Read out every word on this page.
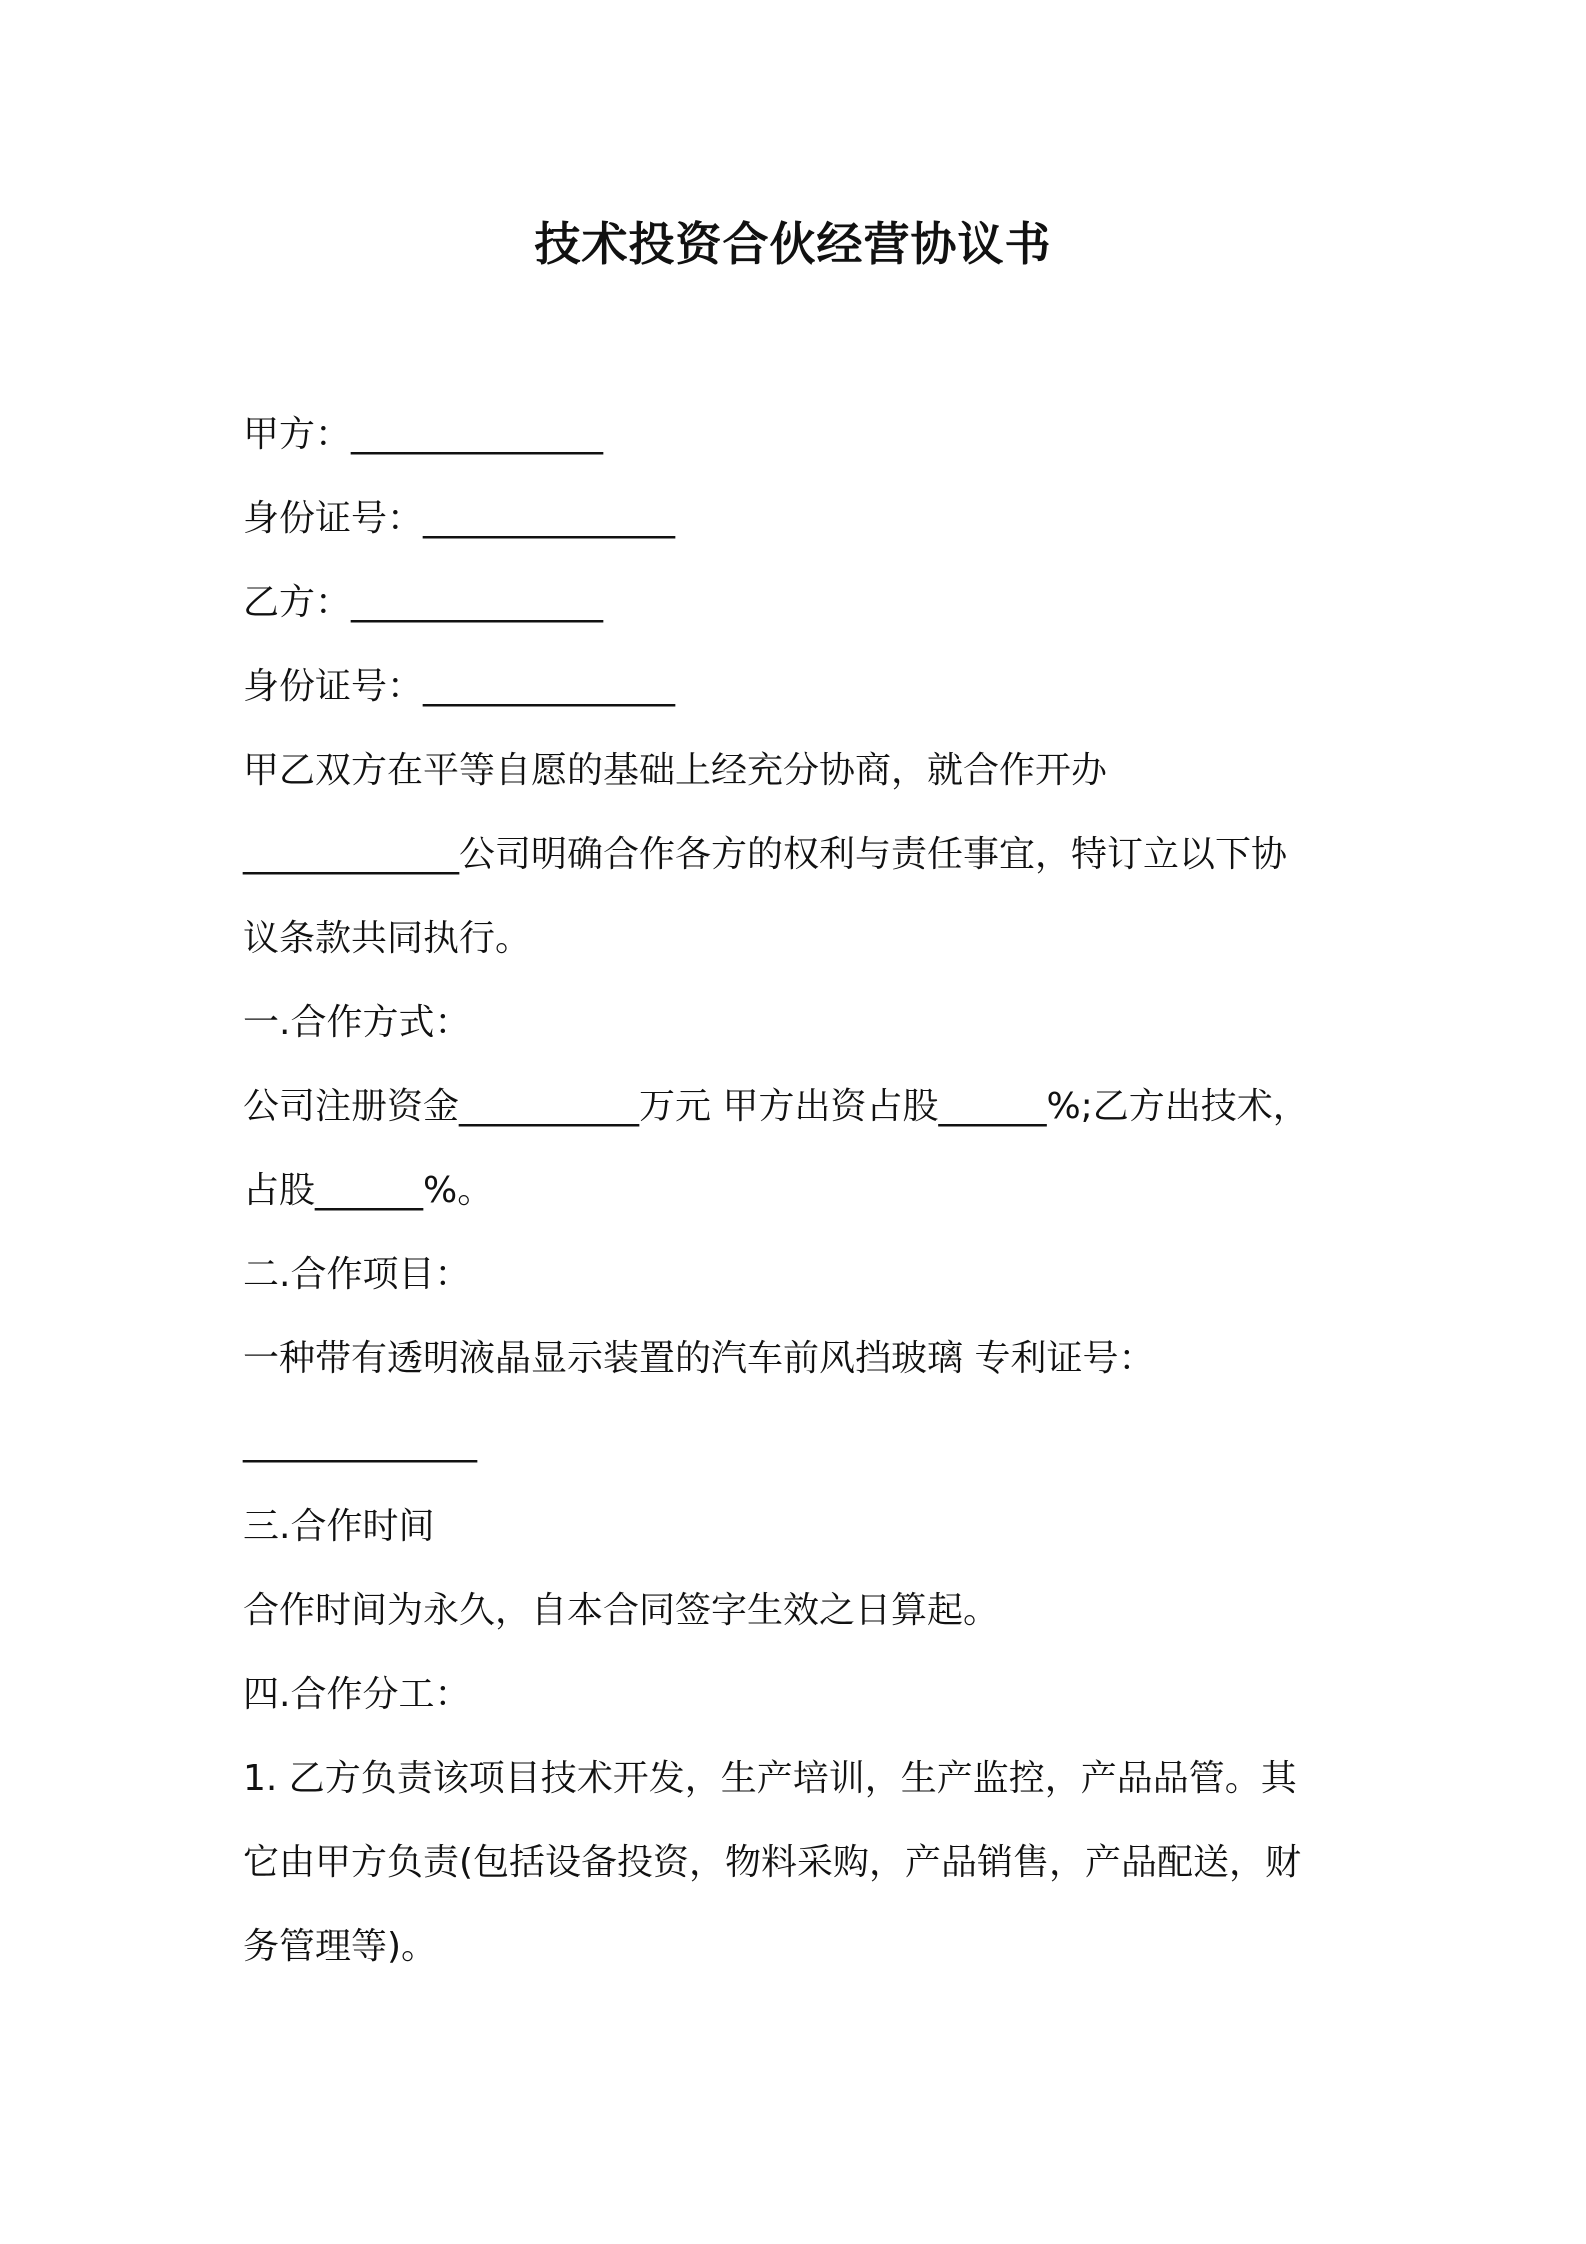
技术投资合伙经营协议书
甲方：______________
身份证号：______________
乙方：______________
身份证号：______________
甲乙双方在平等自愿的基础上经充分协商，就合作开办
____________公司明确合作各方的权利与责任事宜，特订立以下协
议条款共同执行。
一.合作方式：
公司注册资金__________万元 甲方出资占股______%;乙方出技术，
占股______%。
二.合作项目：
一种带有透明液晶显示装置的汽车前风挡玻璃 专利证号：
_____________
三.合作时间
合作时间为永久，自本合同签字生效之日算起。
四.合作分工：
1. 乙方负责该项目技术开发，生产培训，生产监控，产品品管。其
它由甲方负责(包括设备投资，物料采购，产品销售，产品配送，财
务管理等)。
